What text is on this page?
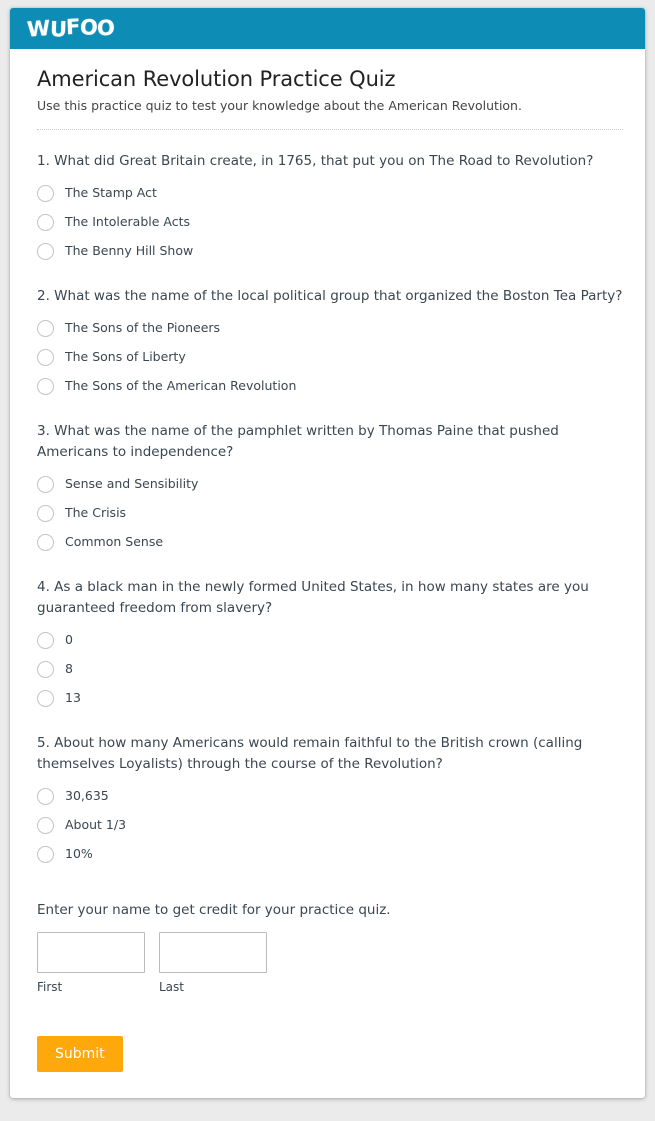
WUFOO
American Revolution Practice Quiz

Use this practice quiz to test your knowledge about the American Revolution.

1. What did Great Britain create, in 1765, that put you on The Road to Revolution?

The Stamp Act
The Intolerable Acts
The Benny Hill Show

2. What was the name of the local political group that organized the Boston Tea Party?

The Sons of the Pioneers
The Sons of Liberty
The Sons of the American Revolution

3. What was the name of the pamphlet written by Thomas Paine that pushed Americans to independence?

Sense and Sensibility
The Crisis
Common Sense

4. As a black man in the newly formed United States, in how many states are you guaranteed freedom from slavery?

0
8
13

5. About how many Americans would remain faithful to the British crown (calling themselves Loyalists) through the course of the Revolution?

30,635
About 1/3
10%

Enter your name to get credit for your practice quiz.

First	Last
Submit
